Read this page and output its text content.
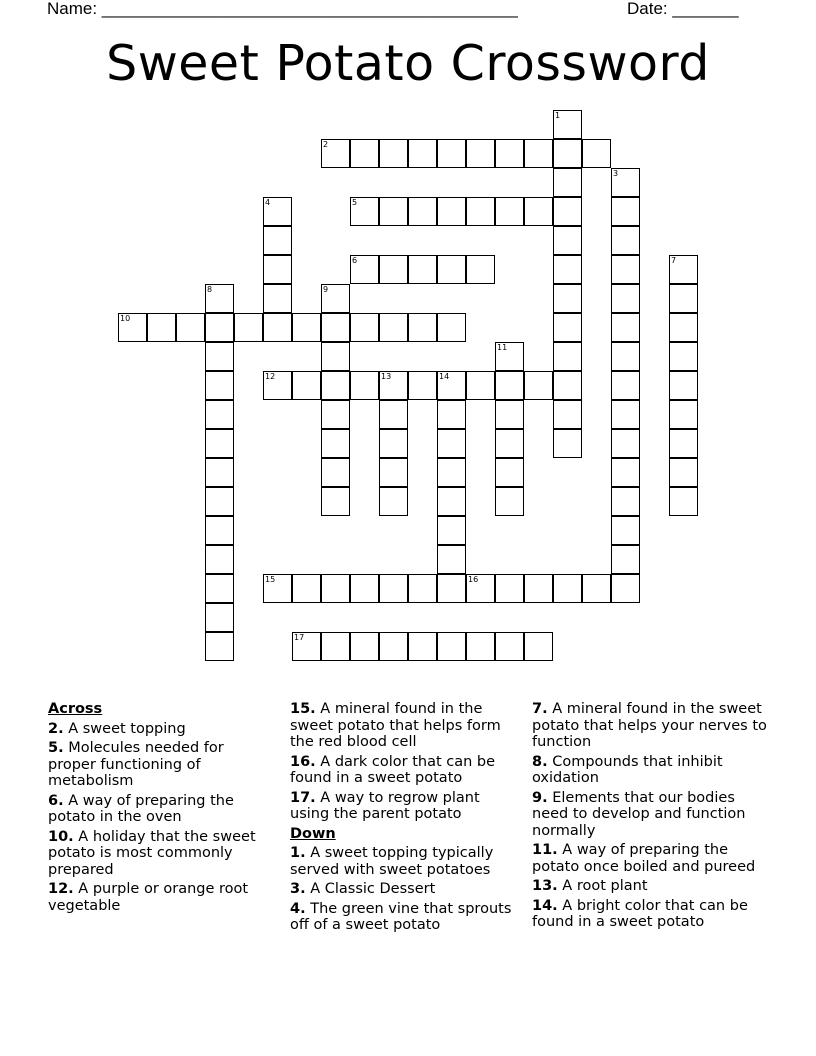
Name: ____________________________________________	Date: _______
Sweet Potato Crossword
1
2
3
4	5
6	7
8	9
10
11
12	13	14
15	16
17
Across
2. A sweet topping
5. Molecules needed for proper functioning of metabolism
6. A way of preparing the potato in the oven
10. A holiday that the sweet potato is most commonly prepared
12. A purple or orange root vegetable
15. A mineral found in the sweet potato that helps form the red blood cell
16. A dark color that can be found in a sweet potato
17. A way to regrow plant using the parent potato
Down
1. A sweet topping typically served with sweet potatoes
3. A Classic Dessert
4. The green vine that sprouts off of a sweet potato
7. A mineral found in the sweet potato that helps your nerves to function
8. Compounds that inhibit oxidation
9. Elements that our bodies need to develop and function normally
11. A way of preparing the potato once boiled and pureed
13. A root plant
14. A bright color that can be found in a sweet potato
